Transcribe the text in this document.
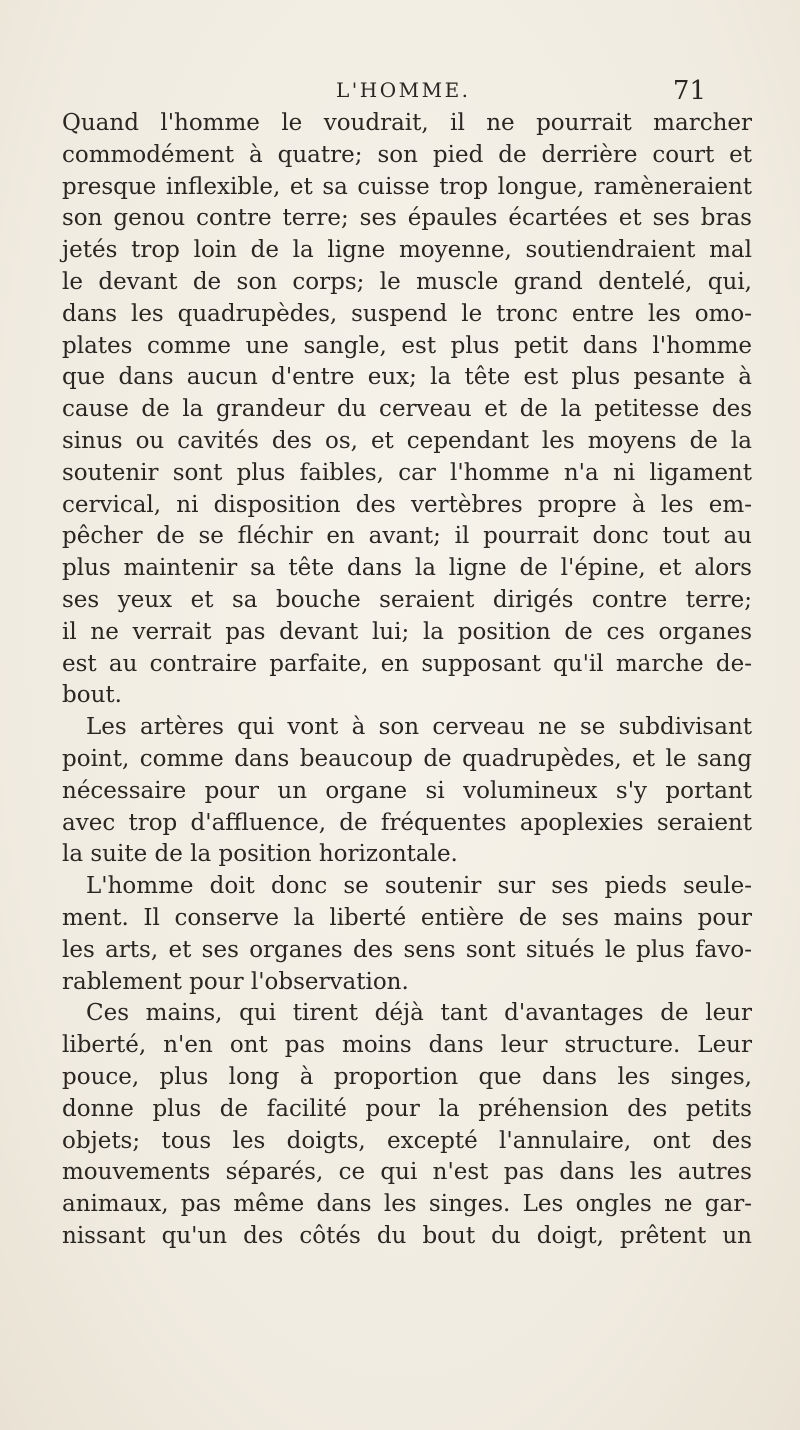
L'HOMME.	71
Quand l'homme le voudrait, il ne pourrait marcher
commodément à quatre; son pied de derrière court et
presque inflexible, et sa cuisse trop longue, ramèneraient
son genou contre terre; ses épaules écartées et ses bras
jetés trop loin de la ligne moyenne, soutiendraient mal
le devant de son corps; le muscle grand dentelé, qui,
dans les quadrupèdes, suspend le tronc entre les omo-
plates comme une sangle, est plus petit dans l'homme
que dans aucun d'entre eux; la tête est plus pesante à
cause de la grandeur du cerveau et de la petitesse des
sinus ou cavités des os, et cependant les moyens de la
soutenir sont plus faibles, car l'homme n'a ni ligament
cervical, ni disposition des vertèbres propre à les em-
pêcher de se fléchir en avant; il pourrait donc tout au
plus maintenir sa tête dans la ligne de l'épine, et alors
ses yeux et sa bouche seraient dirigés contre terre;
il ne verrait pas devant lui; la position de ces organes
est au contraire parfaite, en supposant qu'il marche de-
bout.
Les artères qui vont à son cerveau ne se subdivisant
point, comme dans beaucoup de quadrupèdes, et le sang
nécessaire pour un organe si volumineux s'y portant
avec trop d'affluence, de fréquentes apoplexies seraient
la suite de la position horizontale.
L'homme doit donc se soutenir sur ses pieds seule-
ment. Il conserve la liberté entière de ses mains pour
les arts, et ses organes des sens sont situés le plus favo-
rablement pour l'observation.
Ces mains, qui tirent déjà tant d'avantages de leur
liberté, n'en ont pas moins dans leur structure. Leur
pouce, plus long à proportion que dans les singes,
donne plus de facilité pour la préhension des petits
objets; tous les doigts, excepté l'annulaire, ont des
mouvements séparés, ce qui n'est pas dans les autres
animaux, pas même dans les singes. Les ongles ne gar-
nissant qu'un des côtés du bout du doigt, prêtent un
